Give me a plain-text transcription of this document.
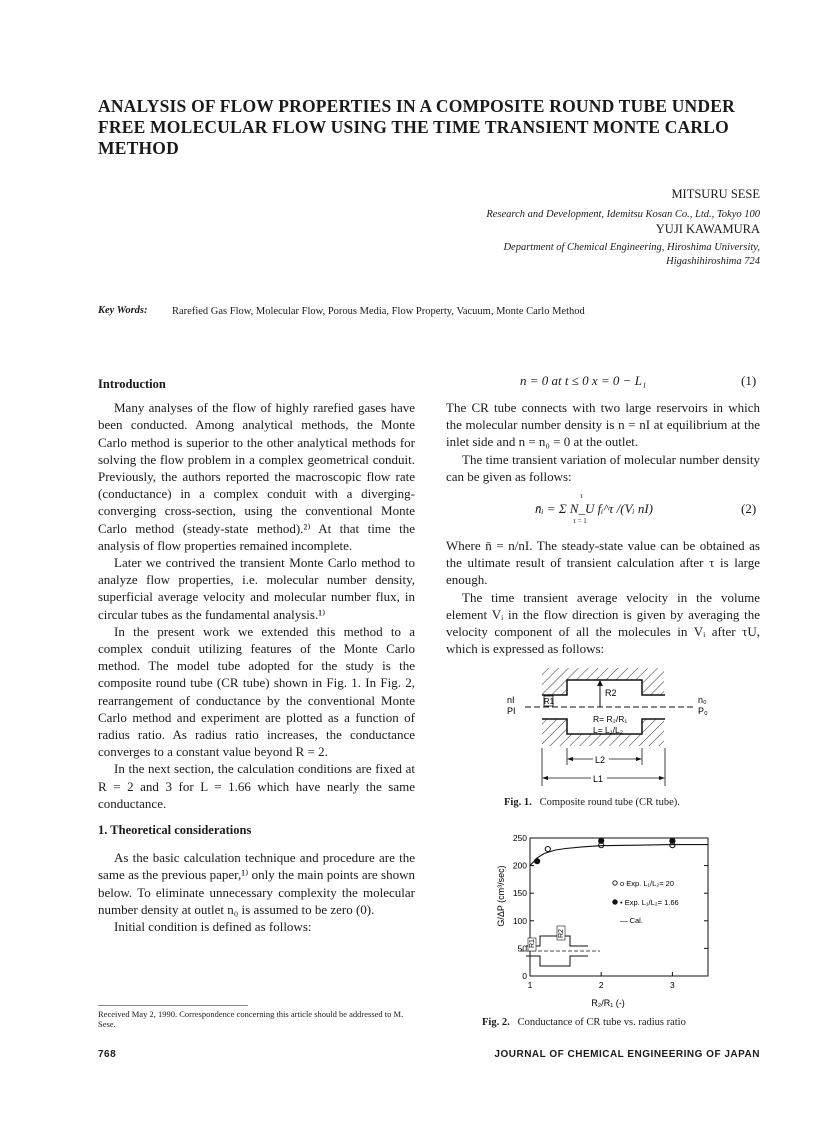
ANALYSIS OF FLOW PROPERTIES IN A COMPOSITE ROUND TUBE UNDER FREE MOLECULAR FLOW USING THE TIME TRANSIENT MONTE CARLO METHOD
MITSURU SESE
Research and Development, Idemitsu Kosan Co., Ltd., Tokyo 100
YUJI KAWAMURA
Department of Chemical Engineering, Hiroshima University,
Higashihiroshima 724
Key Words: Rarefied Gas Flow, Molecular Flow, Porous Media, Flow Property, Vacuum, Monte Carlo Method

Introduction

Many analyses of the flow of highly rarefied gases have been conducted. Among analytical methods, the Monte Carlo method is superior to the other analytical methods for solving the flow problem in a complex geometrical conduit. Previously, the authors reported the macroscopic flow rate (conductance) in a complex conduit with a diverging-converging cross-section, using the conventional Monte Carlo method (steady-state method).²⁾ At that time the analysis of flow properties remained incomplete.

Later we contrived the transient Monte Carlo method to analyze flow properties, i.e. molecular number density, superficial average velocity and molecular number flux, in circular tubes as the fundamental analysis.¹⁾

In the present work we extended this method to a complex conduit utilizing features of the Monte Carlo method. The model tube adopted for the study is the composite round tube (CR tube) shown in Fig. 1. In Fig. 2, rearrangement of conductance by the conventional Monte Carlo method and experiment are plotted as a function of radius ratio. As radius ratio increases, the conductance converges to a constant value beyond R = 2.

In the next section, the calculation conditions are fixed at R = 2 and 3 for L = 1.66 which have nearly the same conductance.

1. Theoretical considerations

As the basic calculation technique and procedure are the same as the previous paper,¹⁾ only the main points are shown below. To eliminate unnecessary complexity the molecular number density at outlet n₀ is assumed to be zero (0).

Initial condition is defined as follows:

Received May 2, 1990. Correspondence concerning this article should be addressed to M. Sese.
n = 0 at t ≤ 0 x = 0 − L₁	(1)

The CR tube connects with two large reservoirs in which the molecular number density is n = nI at equilibrium at the inlet side and n = n₀ = 0 at the outlet.

The time transient variation of molecular number density can be given as follows:

τ
n̄ᵢ = Σ N_U fᵢ^τ /(Vᵢ nI)
τ = 1
(2)

Where n̄ = n/nI. The steady-state value can be obtained as the ultimate result of transient calculation after τ is large enough.

The time transient average velocity in the volume element Vᵢ in the flow direction is given by averaging the velocity component of all the molecules in Vᵢ after τU, which is expressed as follows:

R1
R2
R= R₂/R₁
L= L₁/L₂
nI
PI
n₀
P₀
L2
L1
Fig. 1. Composite round tube (CR tube).
0
50
100
150
200
250
1	2	3
R1
R2
o Exp. L₁/L₂= 20
• Exp. L₁/L₂= 1.66
— Cal.
G/ΔP (cm³/sec)
R₂/R₁ (-)
Fig. 2. Conductance of CR tube vs. radius ratio
768	JOURNAL OF CHEMICAL ENGINEERING OF JAPAN
